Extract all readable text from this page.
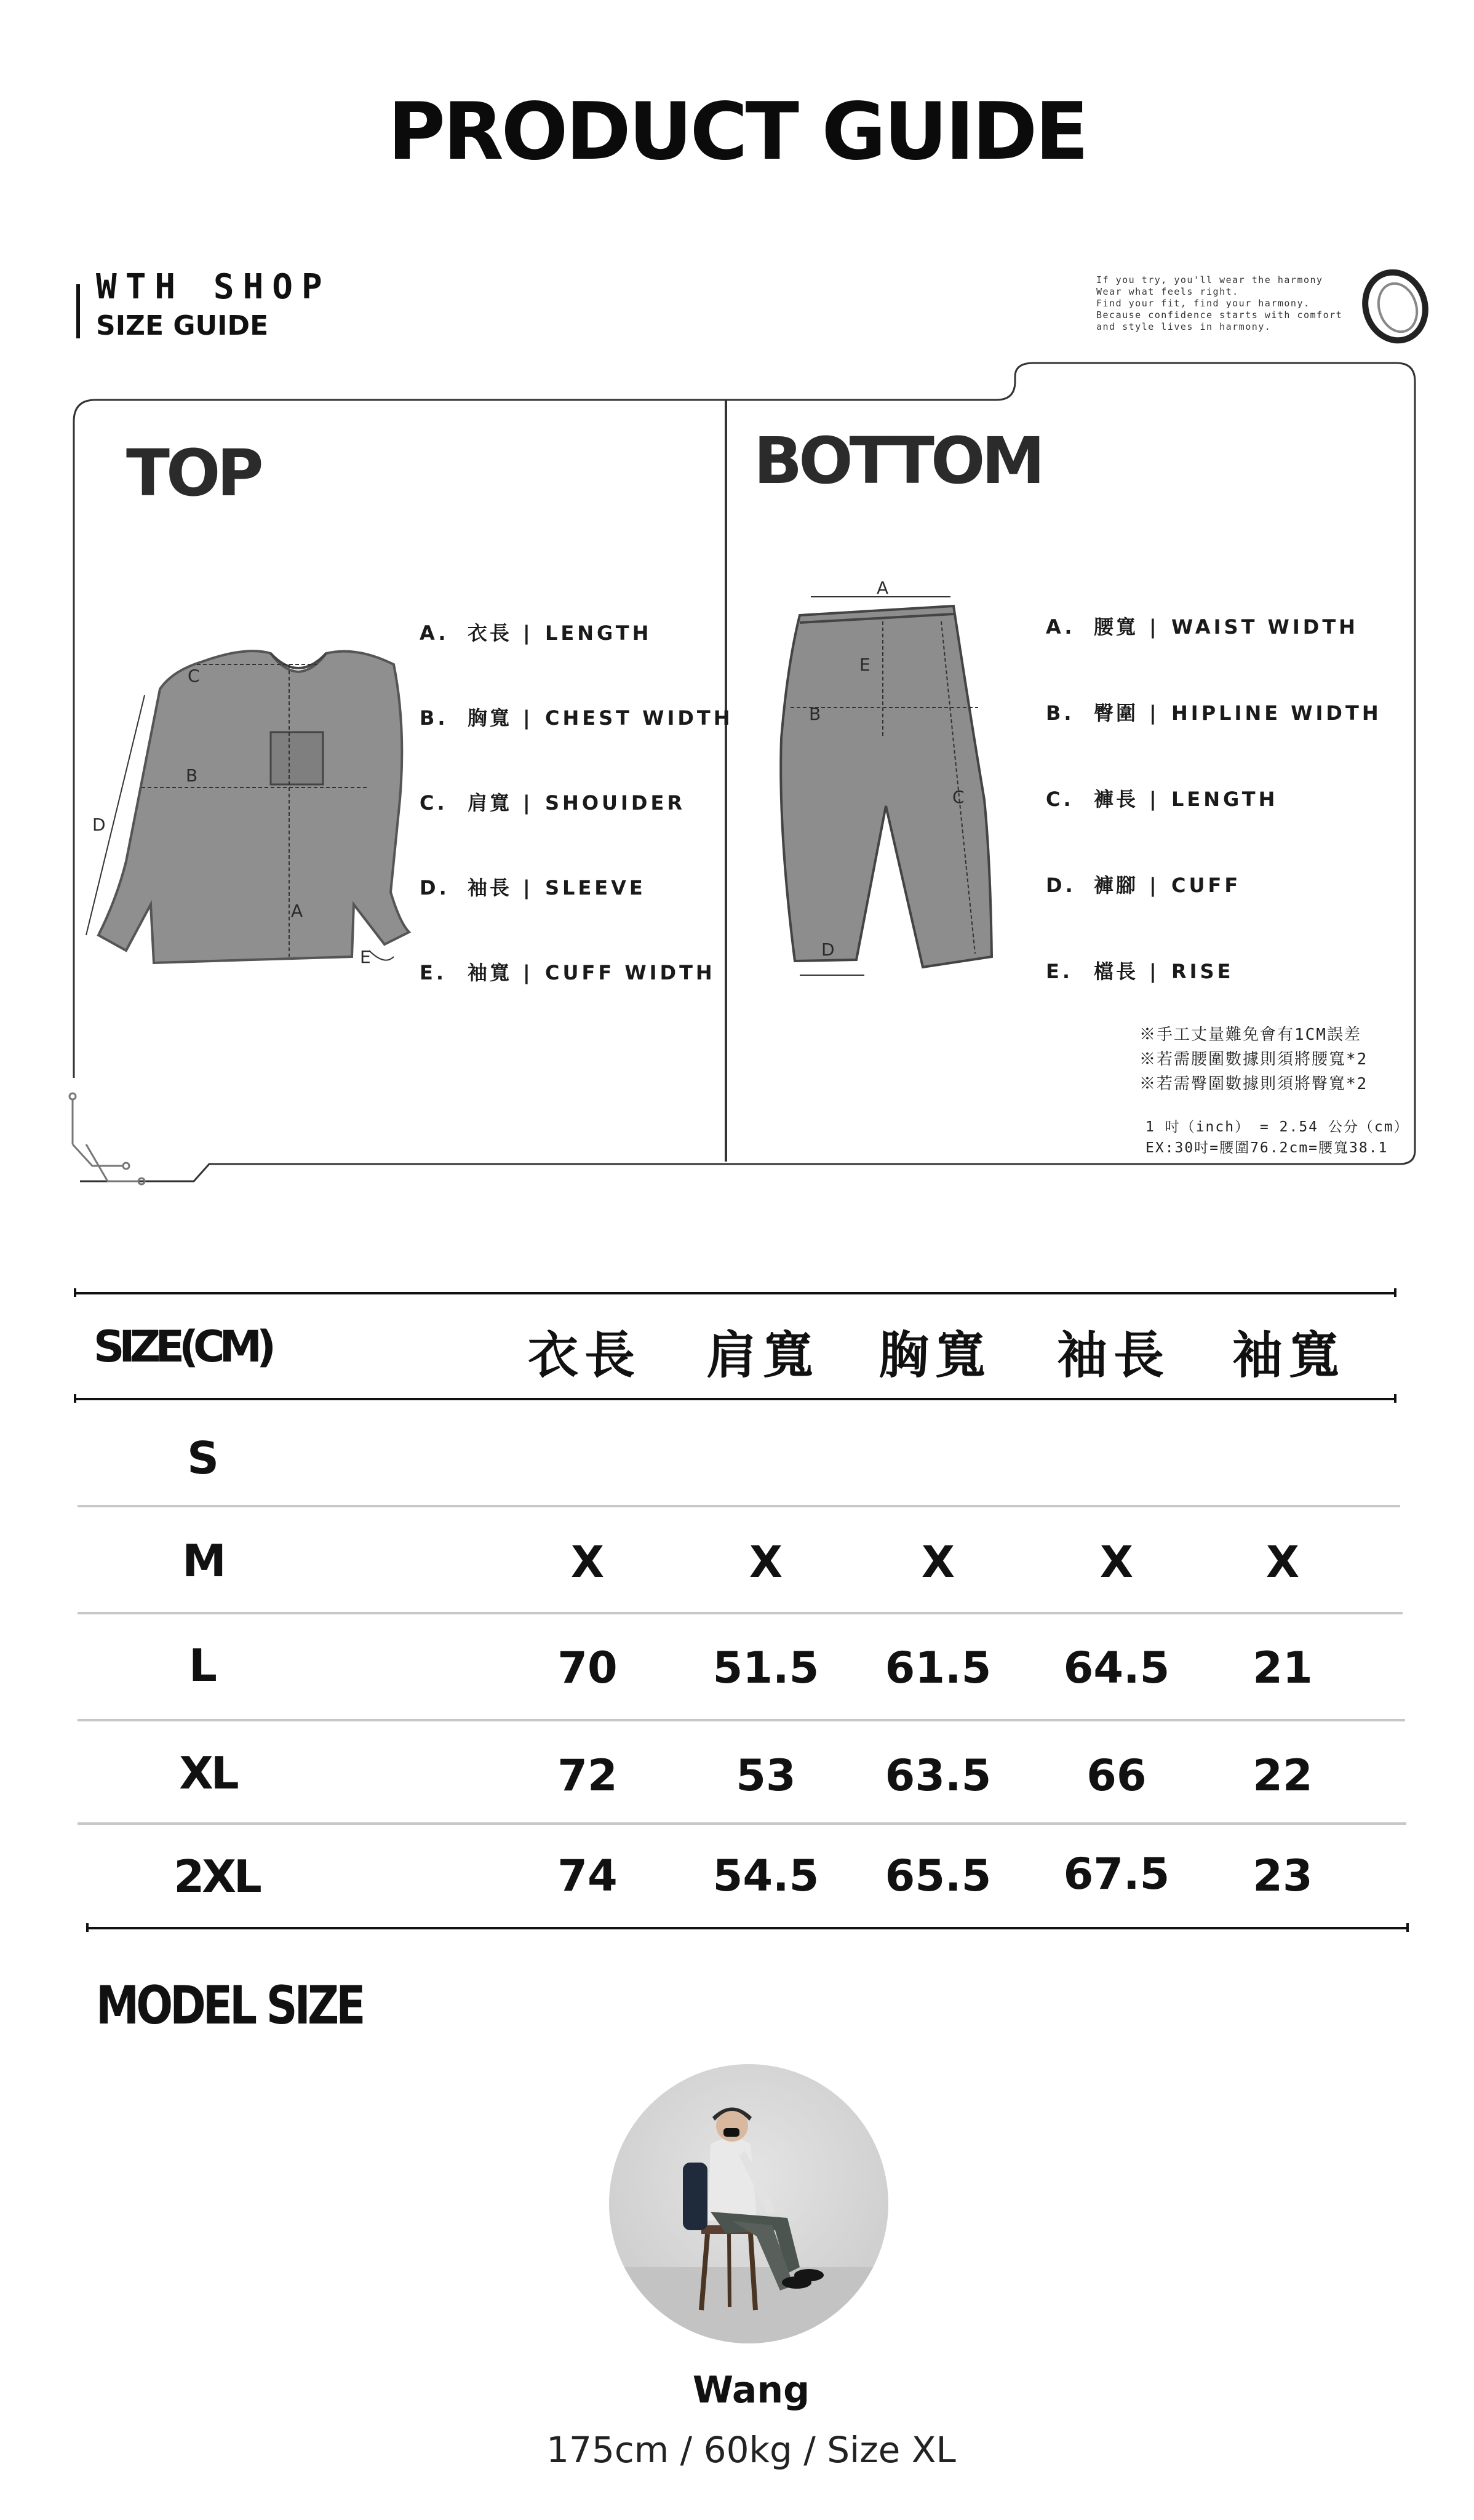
PRODUCT GUIDE
WTH SHOP
SIZE GUIDE
If you try, you'll wear the harmony
Wear what feels right.
Find your fit, find your harmony.
Because confidence starts with comfort
and style lives in harmony.
C
B
D
A
E
A
E
B
C
D
TOP	BOTTOM
A. 衣長 | LENGTH
B. 胸寬 | CHEST WIDTH
C. 肩寬 | SHOUIDER
D. 袖長 | SLEEVE
E. 袖寬 | CUFF WIDTH
A. 腰寬 | WAIST WIDTH
B. 臀圍 | HIPLINE WIDTH
C. 褲長 | LENGTH
D. 褲腳 | CUFF
E. 檔長 | RISE
※手工丈量難免會有1CM誤差
※若需腰圍數據則須將腰寬*2
※若需臀圍數據則須將臀寬*2
1 吋（inch） = 2.54 公分（cm）
EX:30吋=腰圍76.2cm=腰寬38.1
SIZE(CM)	衣長	肩寬	胸寬	袖長	袖寬
S
M	X	X	X	X	X
L	70	51.5	61.5	64.5	21
XL	72	53	63.5	66	22
2XL	74	54.5	65.5	67.5	23
MODEL SIZE
Wang
175cm / 60kg / Size XL
